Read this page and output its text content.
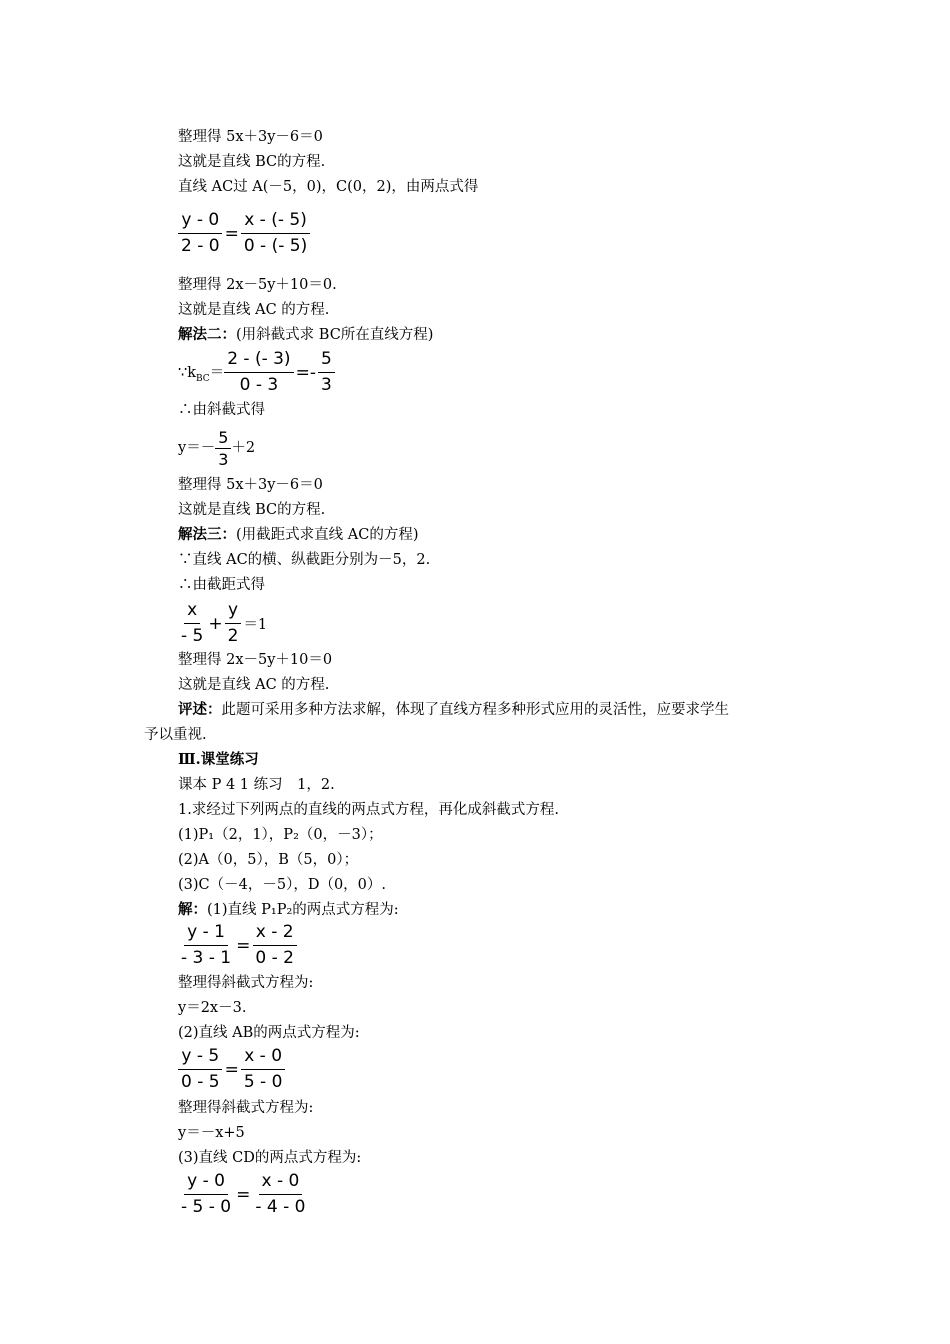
整理得 5x＋3y－6＝0
这就是直线 BC的方程.
直线 AC过 A(－5，0)，C(0，2)，由两点式得
$\frac{y - 0}{2 - 0} = \frac{x - (- 5)}{0 - (- 5)}$
整理得 2x－5y＋10＝0.
这就是直线 AC 的方程.
解法二：(用斜截式求 BC所在直线方程)
$\because k_{BC}= \frac{2 - (- 3)}{0 - 3} =- \frac{5}{3}$
∴由斜截式得
$y=- \frac{5}{3} +2$
整理得 5x＋3y－6＝0
这就是直线 BC的方程.
解法三：(用截距式求直线 AC的方程)
∵直线 AC的横、纵截距分别为－5，2.
∴由截距式得
$\frac{x}{- 5} + \frac{y}{2} =1$
整理得 2x－5y＋10＝0
这就是直线 AC 的方程.
评述：此题可采用多种方法求解，体现了直线方程多种形式应用的灵活性，应要求学生
予以重视.
Ⅲ.课堂练习
课本 P 4 1 练习　1，2.
1.求经过下列两点的直线的两点式方程，再化成斜截式方程.
(1)P₁（2，1），P₂（0，－3）；
(2)A（0，5），B（5，0）；
(3)C（－4，－5），D（0，0）.
解：(1)直线 P₁P₂的两点式方程为:
$\frac{y - 1}{- 3 - 1} = \frac{x - 2}{0 - 2}$
整理得斜截式方程为:
y＝2x－3.
(2)直线 AB的两点式方程为:
$\frac{y - 5}{0 - 5} = \frac{x - 0}{5 - 0}$
整理得斜截式方程为:
y＝－x+5
(3)直线 CD的两点式方程为:
$\frac{y - 0}{- 5 - 0} = \frac{x - 0}{- 4 - 0}$
